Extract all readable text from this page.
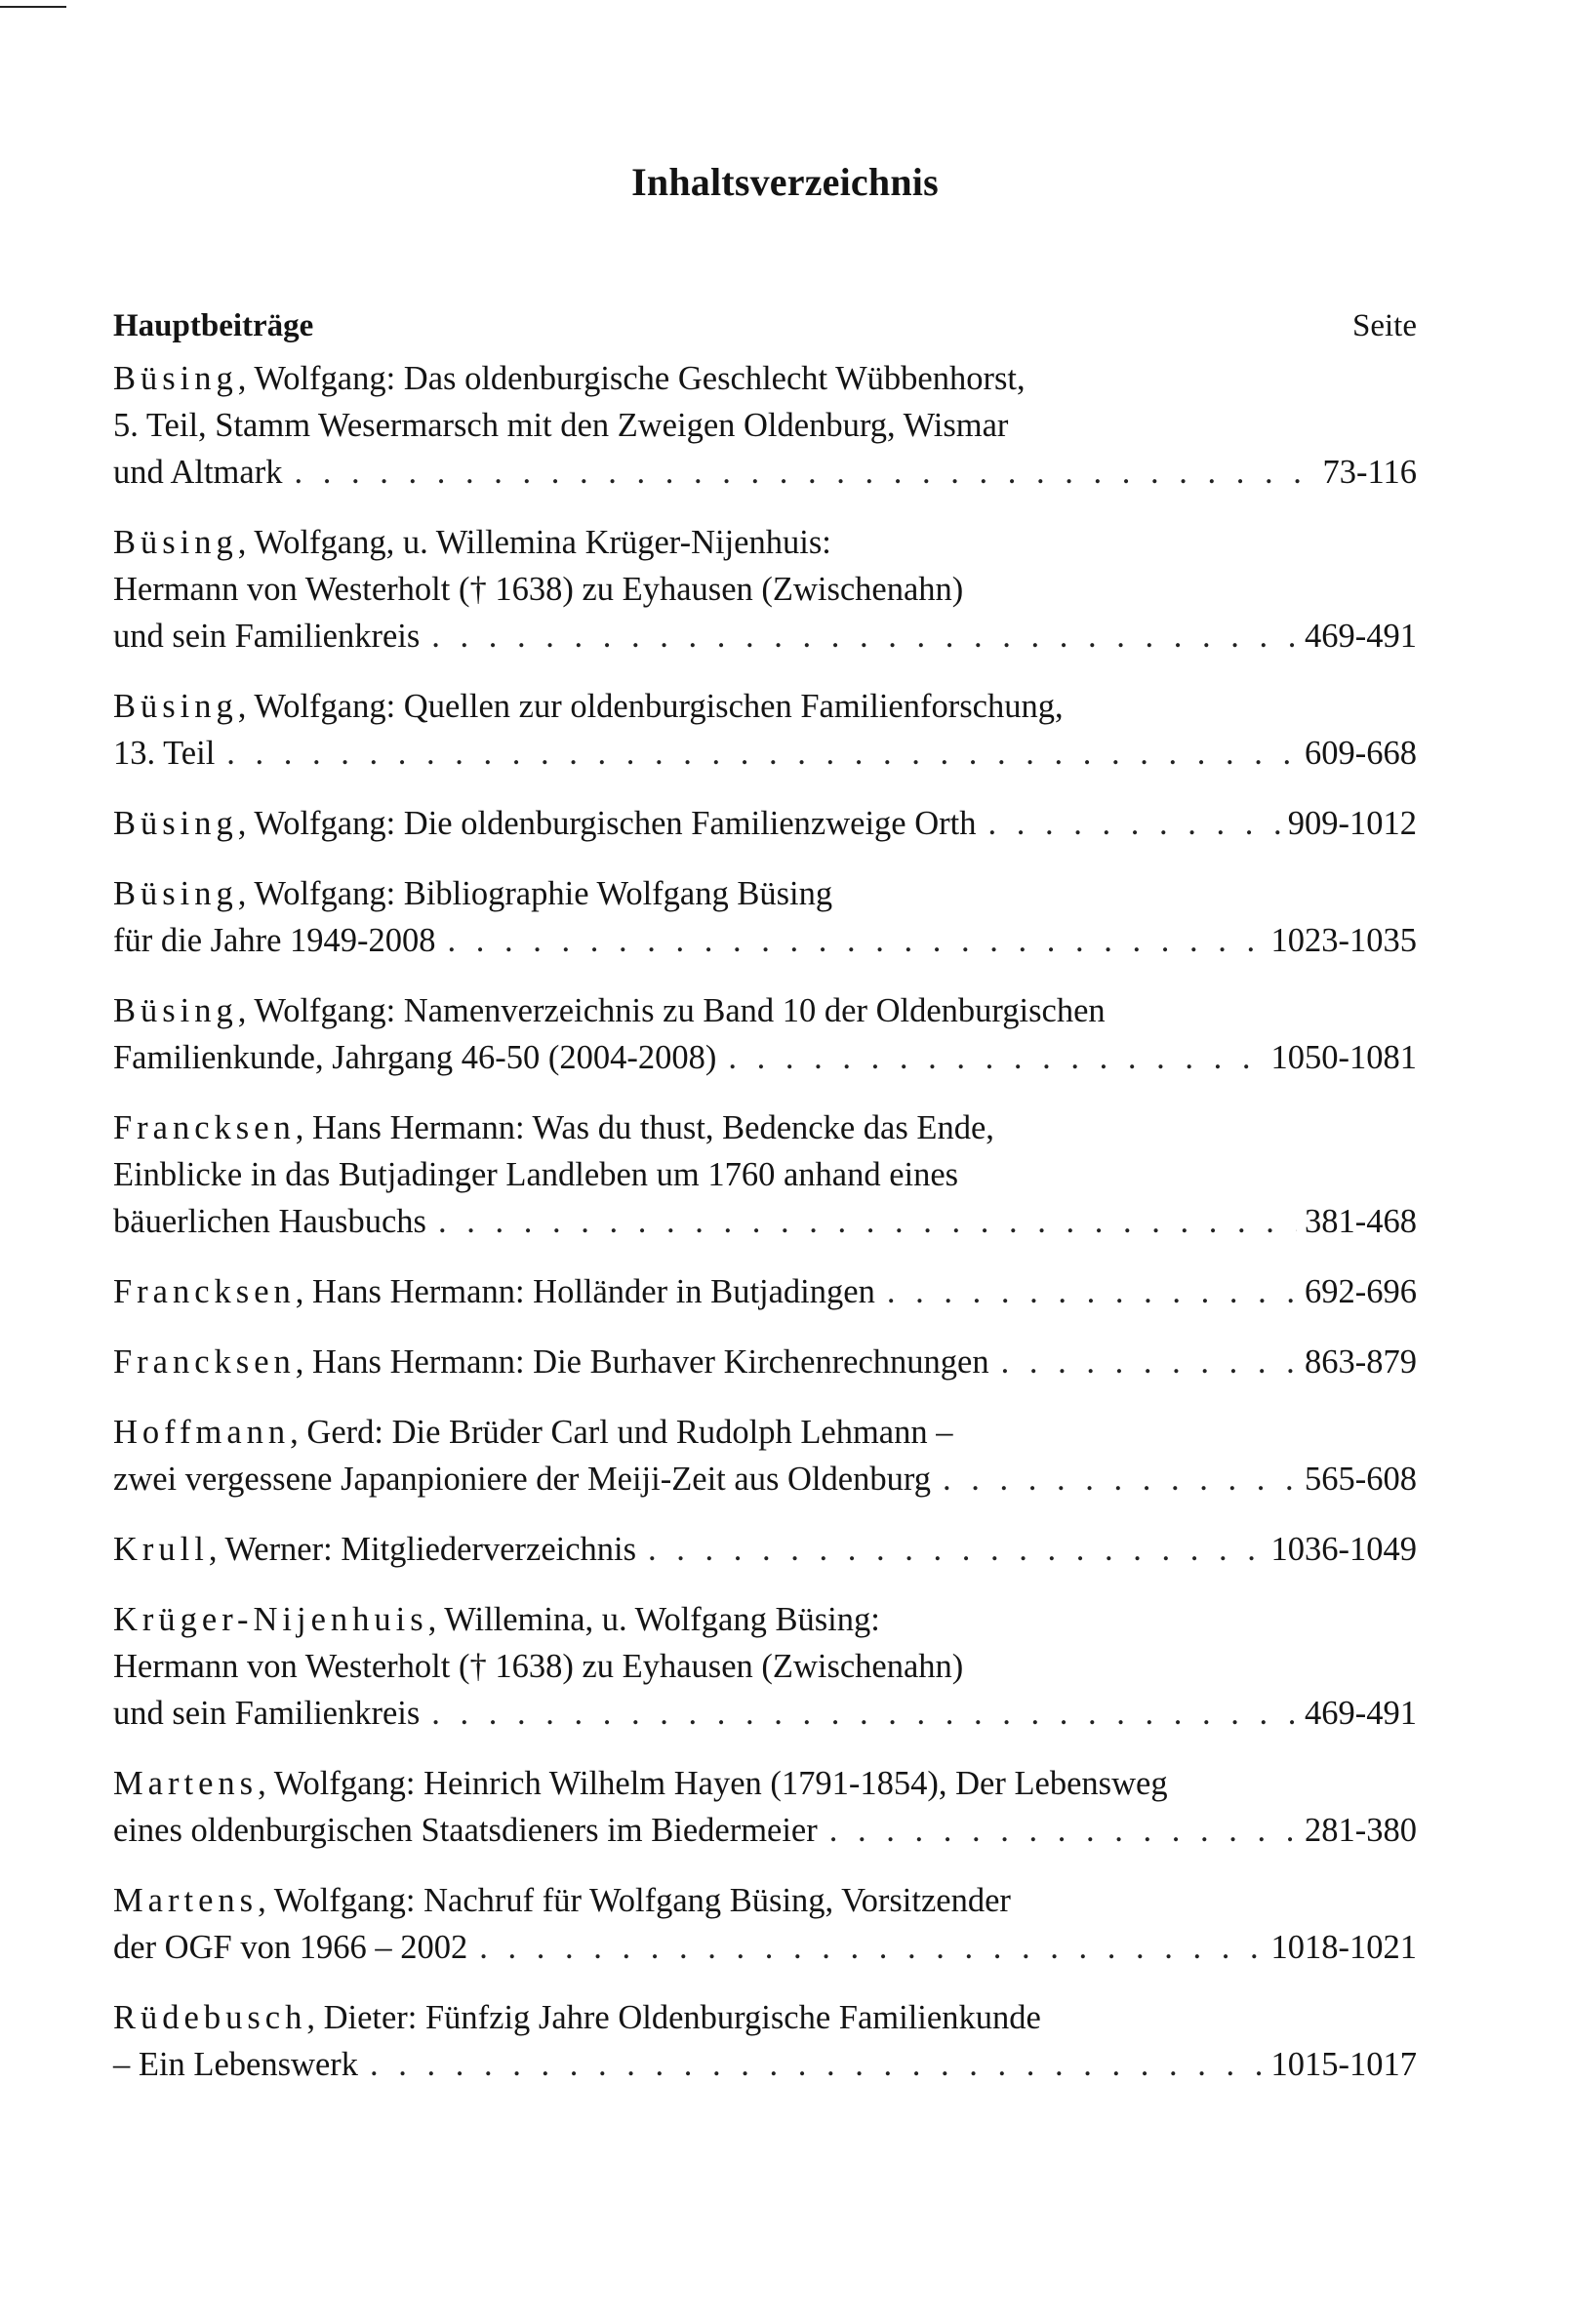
Inhaltsverzeichnis
Hauptbeiträge	Seite
Büsing, Wolfgang: Das oldenburgische Geschlecht Wübbenhorst,
5. Teil, Stamm Wesermarsch mit den Zweigen Oldenburg, Wismar
und Altmark . . .	73-116
Büsing, Wolfgang, u. Willemina Krüger-Nijenhuis:
Hermann von Westerholt († 1638) zu Eyhausen (Zwischenahn)
und sein Familienkreis . . .	469-491
Büsing, Wolfgang: Quellen zur oldenburgischen Familienforschung,
13. Teil . . .	609-668
Büsing, Wolfgang: Die oldenburgischen Familienzweige Orth . . .	909-1012
Büsing, Wolfgang: Bibliographie Wolfgang Büsing
für die Jahre 1949-2008 . . .	1023-1035
Büsing, Wolfgang: Namenverzeichnis zu Band 10 der Oldenburgischen
Familienkunde, Jahrgang 46-50 (2004-2008) . . .	1050-1081
Francksen, Hans Hermann: Was du thust, Bedencke das Ende,
Einblicke in das Butjadinger Landleben um 1760 anhand eines
bäuerlichen Hausbuchs . . .	381-468
Francksen, Hans Hermann: Holländer in Butjadingen . . .	692-696
Francksen, Hans Hermann: Die Burhaver Kirchenrechnungen . . .	863-879
Hoffmann, Gerd: Die Brüder Carl und Rudolph Lehmann –
zwei vergessene Japanpioniere der Meiji-Zeit aus Oldenburg . . .	565-608
Krull, Werner: Mitgliederverzeichnis . . .	1036-1049
Krüger-Nijenhuis, Willemina, u. Wolfgang Büsing:
Hermann von Westerholt († 1638) zu Eyhausen (Zwischenahn)
und sein Familienkreis . . .	469-491
Martens, Wolfgang: Heinrich Wilhelm Hayen (1791-1854), Der Lebensweg
eines oldenburgischen Staatsdieners im Biedermeier . . .	281-380
Martens, Wolfgang: Nachruf für Wolfgang Büsing, Vorsitzender
der OGF von 1966 – 2002 . . .	1018-1021
Rüdebusch, Dieter: Fünfzig Jahre Oldenburgische Familienkunde
– Ein Lebenswerk . . .	1015-1017
